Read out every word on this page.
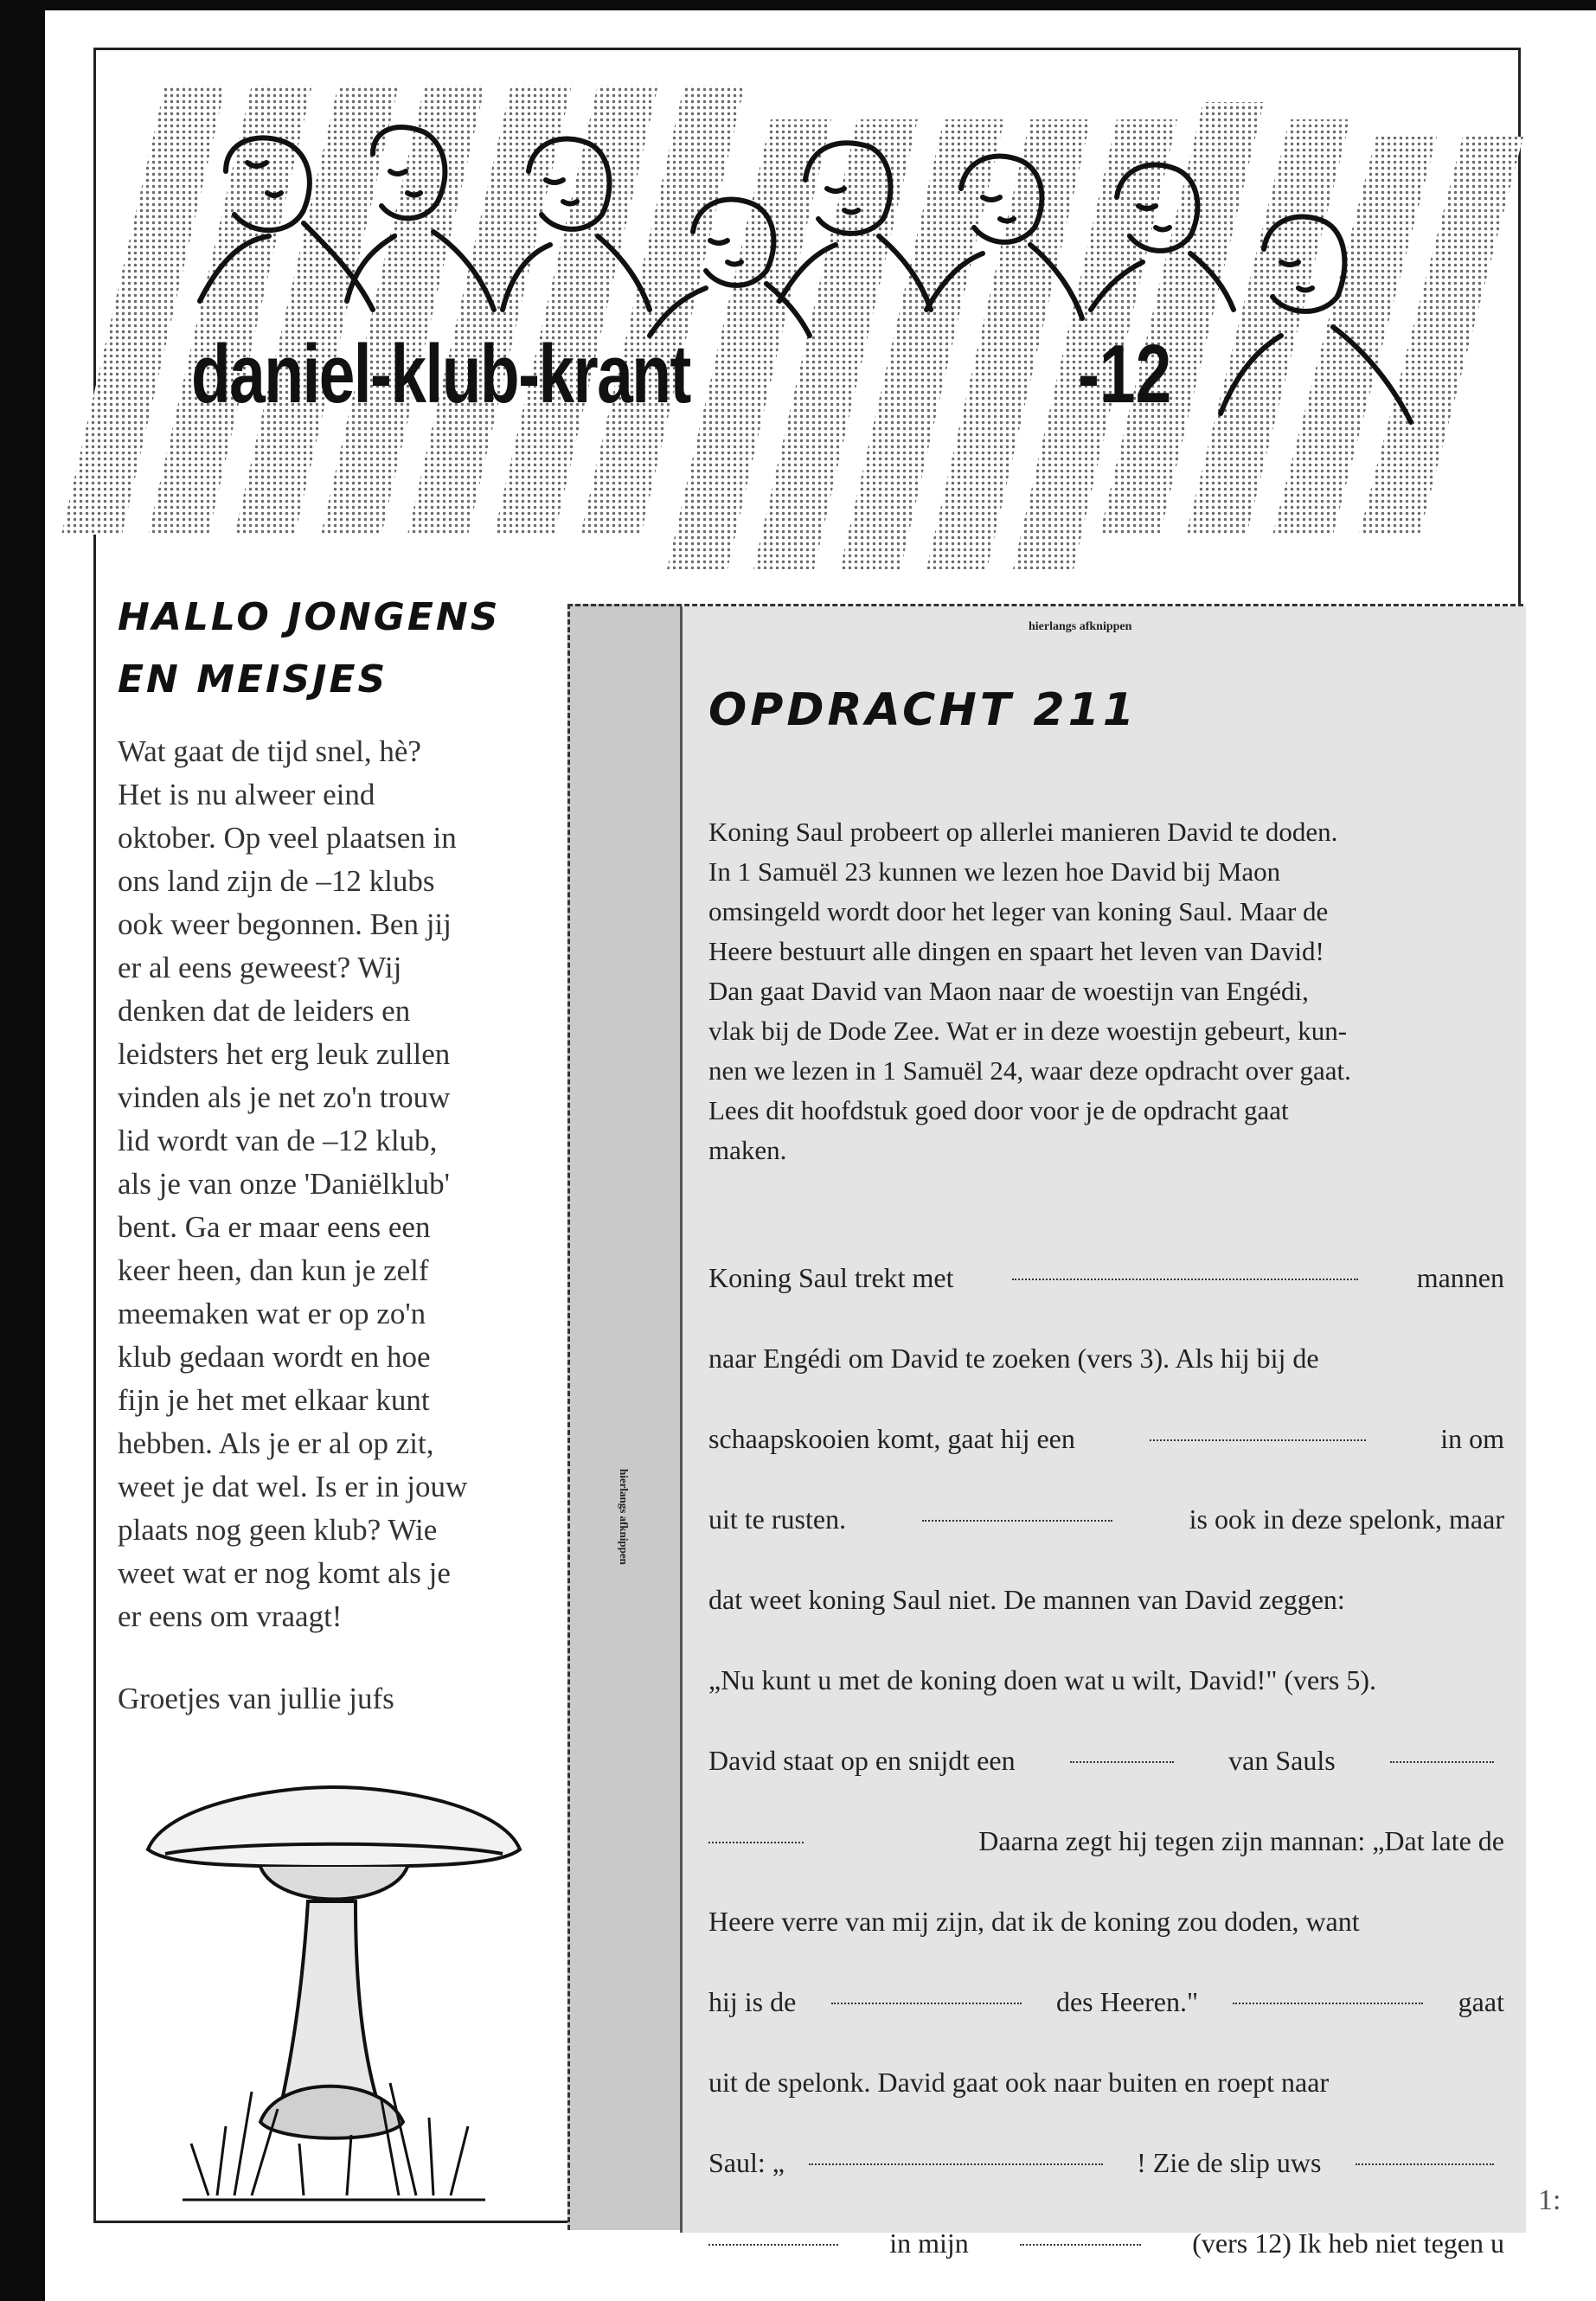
daniel-klub-krant	-12
HALLO JONGENS
EN MEISJES
Wat gaat de tijd snel, hè?
Het is nu alweer eind
oktober. Op veel plaatsen in
ons land zijn de –12 klubs
ook weer begonnen. Ben jij
er al eens geweest? Wij
denken dat de leiders en
leidsters het erg leuk zullen
vinden als je net zo'n trouw
lid wordt van de –12 klub,
als je van onze 'Daniëlklub'
bent. Ga er maar eens een
keer heen, dan kun je zelf
meemaken wat er op zo'n
klub gedaan wordt en hoe
fijn je het met elkaar kunt
hebben. Als je er al op zit,
weet je dat wel. Is er in jouw
plaats nog geen klub? Wie
weet wat er nog komt als je
er eens om vraagt!
Groetjes van jullie jufs
hierlangs afknippen
hierlangs afknippen
OPDRACHT 211
Koning Saul probeert op allerlei manieren David te doden.
In 1 Samuël 23 kunnen we lezen hoe David bij Maon
omsingeld wordt door het leger van koning Saul. Maar de
Heere bestuurt alle dingen en spaart het leven van David!
Dan gaat David van Maon naar de woestijn van Engédi,
vlak bij de Dode Zee. Wat er in deze woestijn gebeurt, kun-
nen we lezen in 1 Samuël 24, waar deze opdracht over gaat.
Lees dit hoofdstuk goed door voor je de opdracht gaat
maken.
Koning Saul trekt met	mannen
naar Engédi om David te zoeken (vers 3). Als hij bij de
schaapskooien komt, gaat hij een	in om
uit te rusten.	is ook in deze spelonk, maar
dat weet koning Saul niet. De mannen van David zeggen:
„Nu kunt u met de koning doen wat u wilt, David!" (vers 5).
David staat op en snijdt een	van Sauls
Daarna zegt hij tegen zijn mannan: „Dat late de
Heere verre van mij zijn, dat ik de koning zou doden, want
hij is de	des Heeren."	gaat
uit de spelonk. David gaat ook naar buiten en roept naar
Saul: „	! Zie de slip uws
in mijn	(vers 12) Ik heb niet tegen u
1:
